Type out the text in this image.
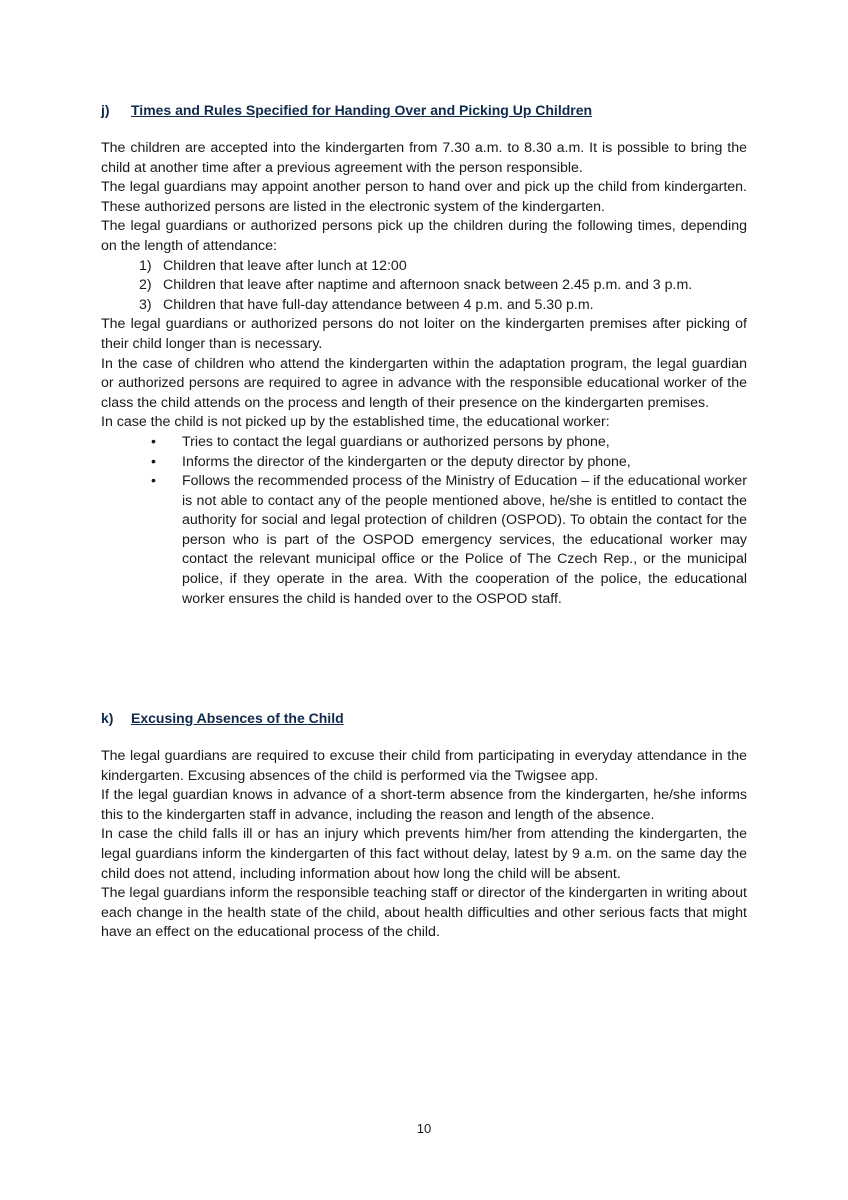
j) Times and Rules Specified for Handing Over and Picking Up Children

The children are accepted into the kindergarten from 7.30 a.m. to 8.30 a.m. It is possible to bring the child at another time after a previous agreement with the person responsible.

The legal guardians may appoint another person to hand over and pick up the child from kindergarten. These authorized persons are listed in the electronic system of the kindergarten.

The legal guardians or authorized persons pick up the children during the following times, depending on the length of attendance:

1) Children that leave after lunch at 12:00
2) Children that leave after naptime and afternoon snack between 2.45 p.m. and 3 p.m.
3) Children that have full-day attendance between 4 p.m. and 5.30 p.m.

The legal guardians or authorized persons do not loiter on the kindergarten premises after picking of their child longer than is necessary.

In the case of children who attend the kindergarten within the adaptation program, the legal guardian or authorized persons are required to agree in advance with the responsible educational worker of the class the child attends on the process and length of their presence on the kindergarten premises.

In case the child is not picked up by the established time, the educational worker:

• Tries to contact the legal guardians or authorized persons by phone,
• Informs the director of the kindergarten or the deputy director by phone,
• Follows the recommended process of the Ministry of Education – if the educational worker is not able to contact any of the people mentioned above, he/she is entitled to contact the authority for social and legal protection of children (OSPOD). To obtain the contact for the person who is part of the OSPOD emergency services, the educational worker may contact the relevant municipal office or the Police of The Czech Rep., or the municipal police, if they operate in the area. With the cooperation of the police, the educational worker ensures the child is handed over to the OSPOD staff.
k) Excusing Absences of the Child

The legal guardians are required to excuse their child from participating in everyday attendance in the kindergarten. Excusing absences of the child is performed via the Twigsee app.

If the legal guardian knows in advance of a short-term absence from the kindergarten, he/she informs this to the kindergarten staff in advance, including the reason and length of the absence.

In case the child falls ill or has an injury which prevents him/her from attending the kindergarten, the legal guardians inform the kindergarten of this fact without delay, latest by 9 a.m. on the same day the child does not attend, including information about how long the child will be absent.

The legal guardians inform the responsible teaching staff or director of the kindergarten in writing about each change in the health state of the child, about health difficulties and other serious facts that might have an effect on the educational process of the child.

10
